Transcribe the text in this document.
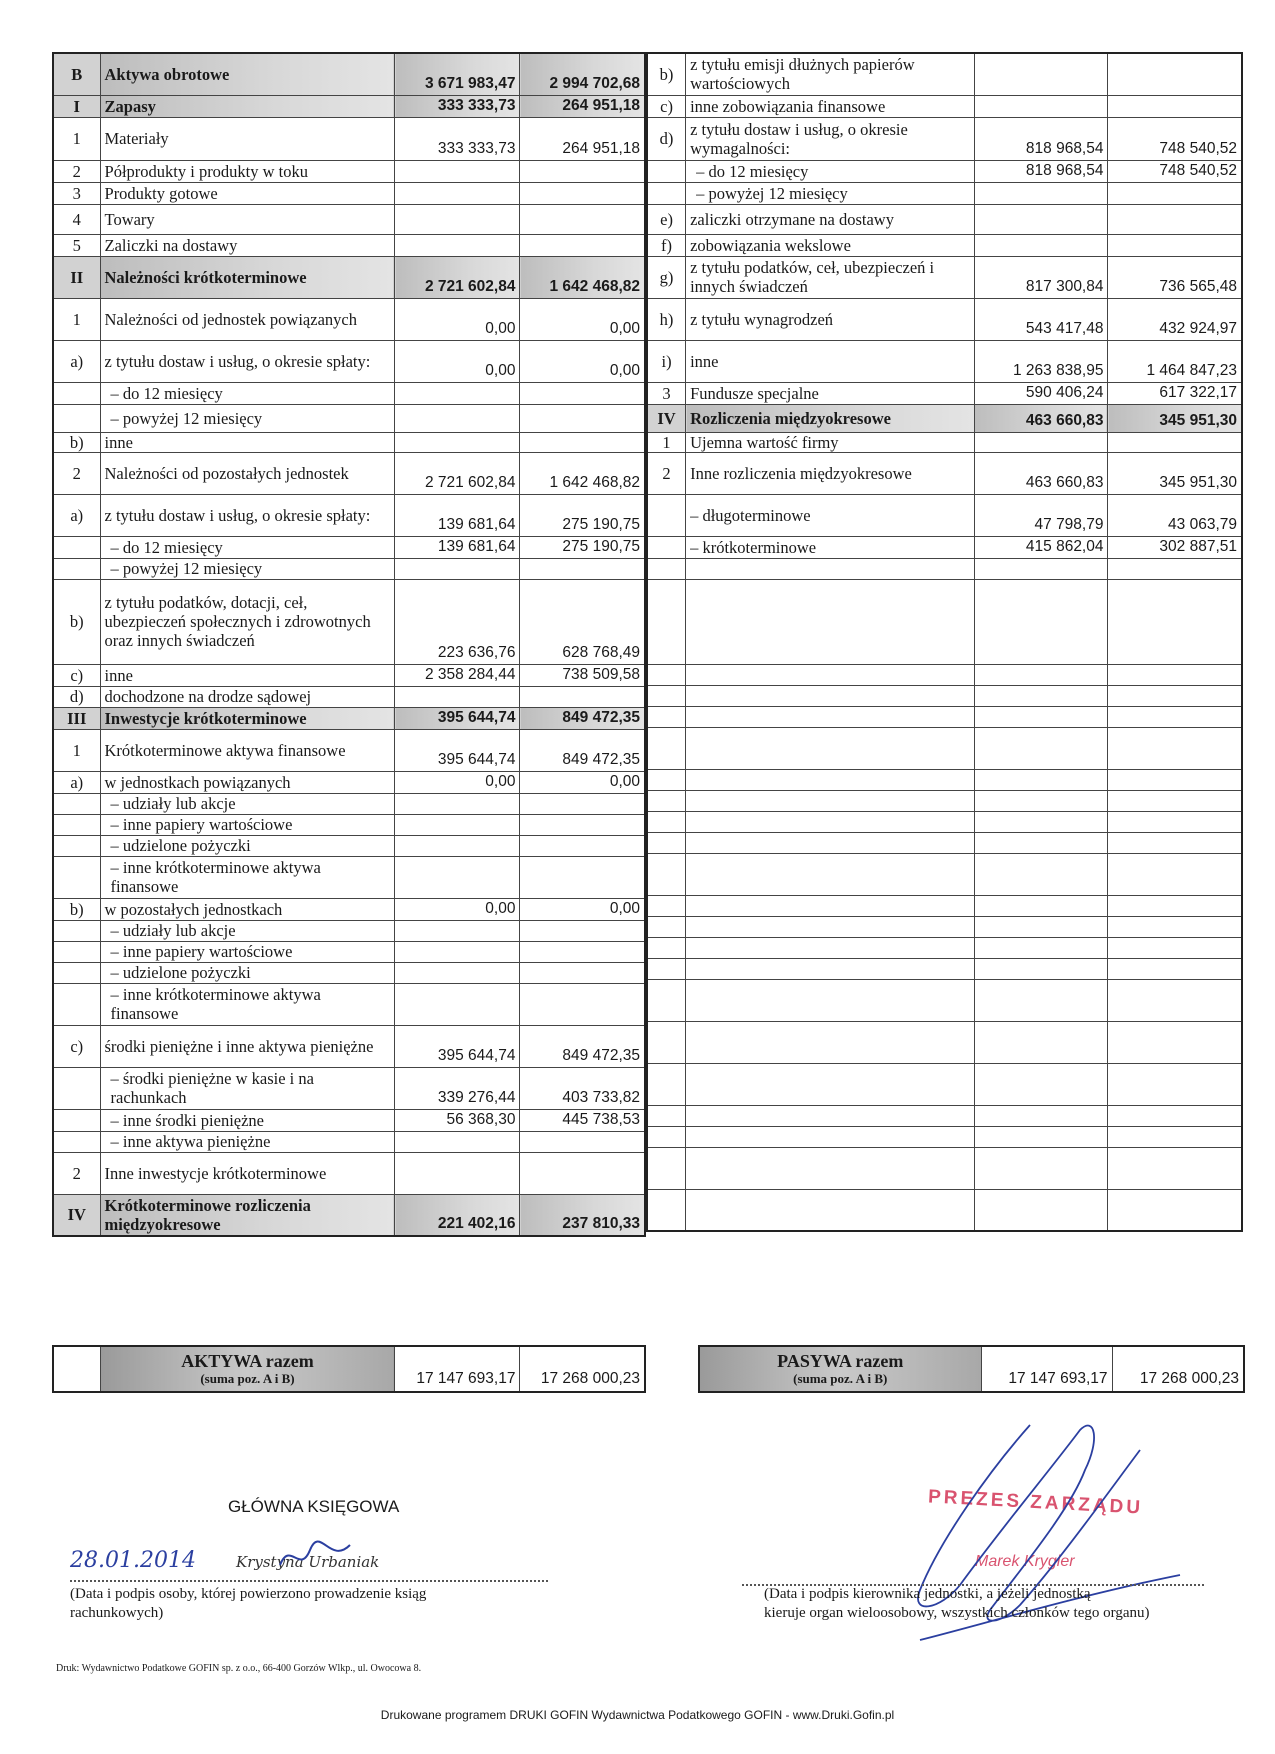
B	Aktywa obrotowe	3 671 983,47	2 994 702,68
I	Zapasy	333 333,73	264 951,18
1	Materiały	333 333,73	264 951,18
2	Półprodukty i produkty w toku		
3	Produkty gotowe		
4	Towary		
5	Zaliczki na dostawy		
II	Należności krótkoterminowe	2 721 602,84	1 642 468,82
1	Należności od jednostek powiązanych	0,00	0,00
a)	z tytułu dostaw i usług, o okresie spłaty:	0,00	0,00
	– do 12 miesięcy		
	– powyżej 12 miesięcy		
b)	inne		
2	Należności od pozostałych jednostek	2 721 602,84	1 642 468,82
a)	z tytułu dostaw i usług, o okresie spłaty:	139 681,64	275 190,75
	– do 12 miesięcy	139 681,64	275 190,75
	– powyżej 12 miesięcy		
b)	z tytułu podatków, dotacji, ceł, ubezpieczeń społecznych i zdrowotnych oraz innych świadczeń	223 636,76	628 768,49
c)	inne	2 358 284,44	738 509,58
d)	dochodzone na drodze sądowej		
III	Inwestycje krótkoterminowe	395 644,74	849 472,35
1	Krótkoterminowe aktywa finansowe	395 644,74	849 472,35
a)	w jednostkach powiązanych	0,00	0,00
	– udziały lub akcje		
	– inne papiery wartościowe		
	– udzielone pożyczki		
	– inne krótkoterminowe aktywa finansowe		
b)	w pozostałych jednostkach	0,00	0,00
	– udziały lub akcje		
	– inne papiery wartościowe		
	– udzielone pożyczki		
	– inne krótkoterminowe aktywa finansowe		
c)	środki pieniężne i inne aktywa pieniężne	395 644,74	849 472,35
	– środki pieniężne w kasie i na rachunkach	339 276,44	403 733,82
	– inne środki pieniężne	56 368,30	445 738,53
	– inne aktywa pieniężne		
2	Inne inwestycje krótkoterminowe		
IV	Krótkoterminowe rozliczenia międzyokresowe	221 402,16	237 810,33
b)	z tytułu emisji dłużnych papierów wartościowych		
c)	inne zobowiązania finansowe		
d)	z tytułu dostaw i usług, o okresie wymagalności:	818 968,54	748 540,52
	– do 12 miesięcy	818 968,54	748 540,52
	– powyżej 12 miesięcy		
e)	zaliczki otrzymane na dostawy		
f)	zobowiązania wekslowe		
g)	z tytułu podatków, ceł, ubezpieczeń i innych świadczeń	817 300,84	736 565,48
h)	z tytułu wynagrodzeń	543 417,48	432 924,97
i)	inne	1 263 838,95	1 464 847,23
3	Fundusze specjalne	590 406,24	617 322,17
IV	Rozliczenia międzyokresowe	463 660,83	345 951,30
1	Ujemna wartość firmy		
2	Inne rozliczenia międzyokresowe	463 660,83	345 951,30
	– długoterminowe	47 798,79	43 063,79
	– krótkoterminowe	415 862,04	302 887,51

AKTYWA razem
(suma poz. A i B)	17 147 693,17	17 268 000,23
PASYWA razem
(suma poz. A i B)	17 147 693,17	17 268 000,23
GŁÓWNA KSIĘGOWA
28.01.2014	Krystyna Urbaniak
(Data i podpis osoby, której powierzono prowadzenie ksiąg
rachunkowych)
PREZES ZARZĄDU
Marek Krygier
(Data i podpis kierownika jednostki, a jeżeli jednostką
kieruje organ wieloosobowy, wszystkich członków tego organu)
Druk: Wydawnictwo Podatkowe GOFIN sp. z o.o., 66-400 Gorzów Wlkp., ul. Owocowa 8.
Drukowane programem DRUKI GOFIN Wydawnictwa Podatkowego GOFIN - www.Druki.Gofin.pl
